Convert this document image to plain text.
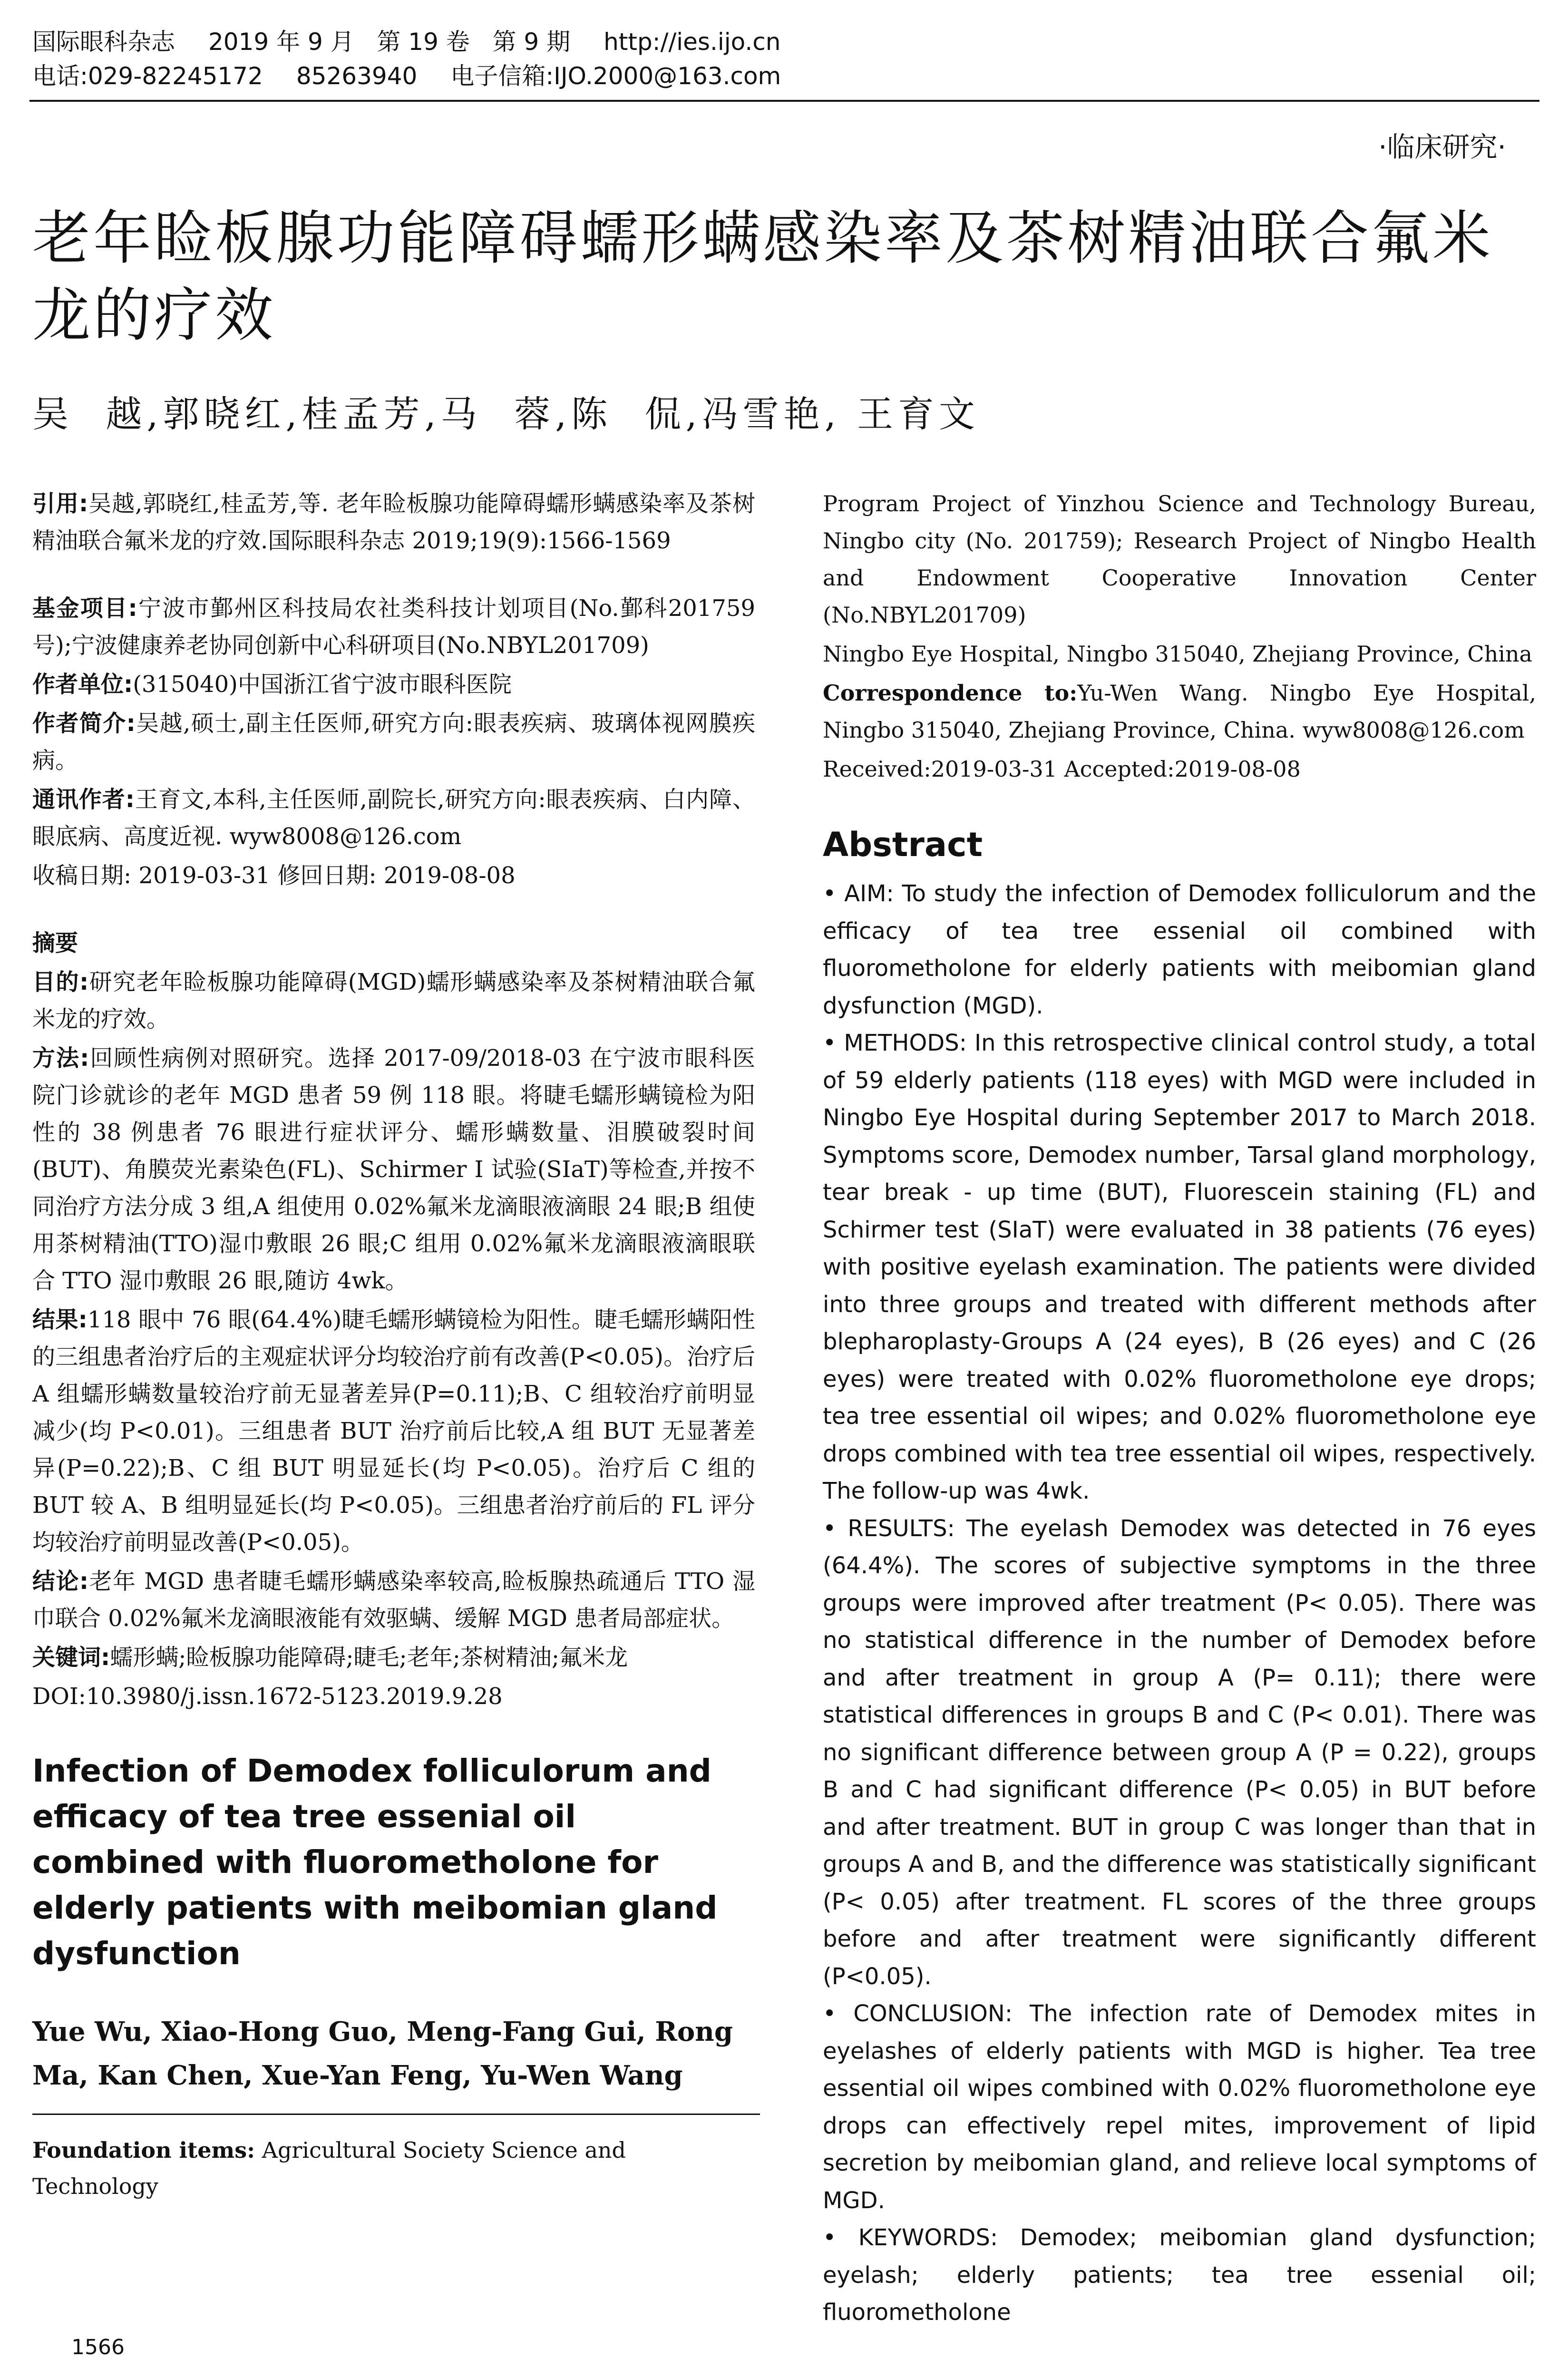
国际眼科杂志 2019 年 9 月   第 19 卷   第 9 期 http://ies.ijo.cn
电话:029-82245172 85263940 电子信箱:IJO.2000@163.com
·临床研究·
老年睑板腺功能障碍蠕形螨感染率及茶树精油联合氟米龙的疗效
吴  越,郭晓红,桂孟芳,马  蓉,陈  侃,冯雪艳, 王育文
引用:吴越,郭晓红,桂孟芳,等. 老年睑板腺功能障碍蠕形螨感染率及茶树精油联合氟米龙的疗效.国际眼科杂志 2019;19(9):1566-1569
基金项目:宁波市鄞州区科技局农社类科技计划项目(No.鄞科201759 号);宁波健康养老协同创新中心科研项目(No.NBYL201709)
作者单位:(315040)中国浙江省宁波市眼科医院
作者简介:吴越,硕士,副主任医师,研究方向:眼表疾病、玻璃体视网膜疾病。
通讯作者:王育文,本科,主任医师,副院长,研究方向:眼表疾病、白内障、眼底病、高度近视. wyw8008@126.com
收稿日期: 2019-03-31 修回日期: 2019-08-08
摘要
目的:研究老年睑板腺功能障碍(MGD)蠕形螨感染率及茶树精油联合氟米龙的疗效。
方法:回顾性病例对照研究。选择 2017-09/2018-03 在宁波市眼科医院门诊就诊的老年 MGD 患者 59 例 118 眼。将睫毛蠕形螨镜检为阳性的 38 例患者 76 眼进行症状评分、蠕形螨数量、泪膜破裂时间(BUT)、角膜荧光素染色(FL)、Schirmer I 试验(SIaT)等检查,并按不同治疗方法分成 3 组,A 组使用 0.02%氟米龙滴眼液滴眼 24 眼;B 组使用茶树精油(TTO)湿巾敷眼 26 眼;C 组用 0.02%氟米龙滴眼液滴眼联合 TTO 湿巾敷眼 26 眼,随访 4wk。
结果:118 眼中 76 眼(64.4%)睫毛蠕形螨镜检为阳性。睫毛蠕形螨阳性的三组患者治疗后的主观症状评分均较治疗前有改善(P<0.05)。治疗后 A 组蠕形螨数量较治疗前无显著差异(P=0.11);B、C 组较治疗前明显减少(均 P<0.01)。三组患者 BUT 治疗前后比较,A 组 BUT 无显著差异(P=0.22);B、C 组 BUT 明显延长(均 P<0.05)。治疗后 C 组的 BUT 较 A、B 组明显延长(均 P<0.05)。三组患者治疗前后的 FL 评分均较治疗前明显改善(P<0.05)。
结论:老年 MGD 患者睫毛蠕形螨感染率较高,睑板腺热疏通后 TTO 湿巾联合 0.02%氟米龙滴眼液能有效驱螨、缓解 MGD 患者局部症状。
关键词:蠕形螨;睑板腺功能障碍;睫毛;老年;茶树精油;氟米龙
DOI:10.3980/j.issn.1672-5123.2019.9.28
Infection of Demodex folliculorum and efficacy of tea tree essenial oil combined with fluorometholone for elderly patients with meibomian gland dysfunction
Yue Wu, Xiao-Hong Guo, Meng-Fang Gui, Rong Ma, Kan Chen, Xue-Yan Feng, Yu-Wen Wang
Foundation items: Agricultural Society Science and Technology
Program Project of Yinzhou Science and Technology Bureau, Ningbo city (No. 201759); Research Project of Ningbo Health and Endowment Cooperative Innovation Center (No.NBYL201709)
Ningbo Eye Hospital, Ningbo 315040, Zhejiang Province, China
Correspondence to:Yu-Wen Wang. Ningbo Eye Hospital, Ningbo 315040, Zhejiang Province, China. wyw8008@126.com
Received:2019-03-31 Accepted:2019-08-08
Abstract

• AIM: To study the infection of Demodex folliculorum and the efficacy of tea tree essenial oil combined with fluorometholone for elderly patients with meibomian gland dysfunction (MGD).

• METHODS: In this retrospective clinical control study, a total of 59 elderly patients (118 eyes) with MGD were included in Ningbo Eye Hospital during September 2017 to March 2018. Symptoms score, Demodex number, Tarsal gland morphology, tear break - up time (BUT), Fluorescein staining (FL) and Schirmer test (SIaT) were evaluated in 38 patients (76 eyes) with positive eyelash examination. The patients were divided into three groups and treated with different methods after blepharoplasty-Groups A (24 eyes), B (26 eyes) and C (26 eyes) were treated with 0.02% fluorometholone eye drops; tea tree essential oil wipes; and 0.02% fluorometholone eye drops combined with tea tree essential oil wipes, respectively. The follow-up was 4wk.

• RESULTS: The eyelash Demodex was detected in 76 eyes (64.4%). The scores of subjective symptoms in the three groups were improved after treatment (P< 0.05). There was no statistical difference in the number of Demodex before and after treatment in group A (P= 0.11); there were statistical differences in groups B and C (P< 0.01). There was no significant difference between group A (P = 0.22), groups B and C had significant difference (P< 0.05) in BUT before and after treatment. BUT in group C was longer than that in groups A and B, and the difference was statistically significant (P< 0.05) after treatment. FL scores of the three groups before and after treatment were significantly different (P<0.05).

• CONCLUSION: The infection rate of Demodex mites in eyelashes of elderly patients with MGD is higher. Tea tree essential oil wipes combined with 0.02% fluorometholone eye drops can effectively repel mites, improvement of lipid secretion by meibomian gland, and relieve local symptoms of MGD.

• KEYWORDS: Demodex; meibomian gland dysfunction; eyelash; elderly patients; tea tree essenial oil; fluorometholone

1566
